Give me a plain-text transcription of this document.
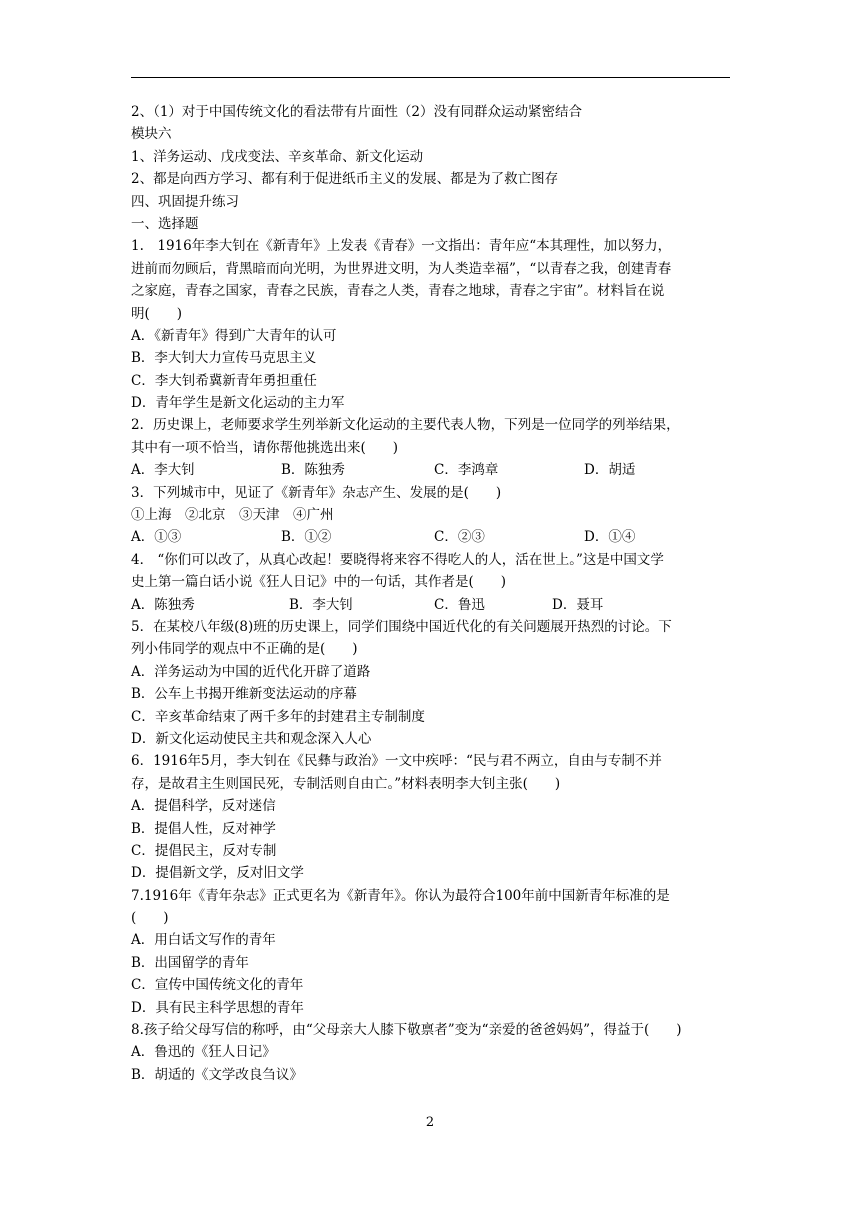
2、（1）对于中国传统文化的看法带有片面性（2）没有同群众运动紧密结合
模块六
1、洋务运动、戊戌变法、辛亥革命、新文化运动
2、都是向西方学习、都有利于促进纸币主义的发展、都是为了救亡图存
四、巩固提升练习
一、选择题
1.　1916年李大钊在《新青年》上发表《青春》一文指出：青年应“本其理性，加以努力，
进前而勿顾后，背黑暗而向光明，为世界进文明，为人类造幸福”，“以青春之我，创建青春
之家庭，青春之国家，青春之民族，青春之人类，青春之地球，青春之宇宙”。材料旨在说
明(　　)
A．《新青年》得到广大青年的认可
B．李大钊大力宣传马克思主义
C．李大钊希冀新青年勇担重任
D．青年学生是新文化运动的主力军
2．历史课上，老师要求学生列举新文化运动的主要代表人物，下列是一位同学的列举结果，
其中有一项不恰当，请你帮他挑选出来(　　)
A．李大钊	B．陈独秀	C．李鸿章	D．胡适
3．下列城市中，见证了《新青年》杂志产生、发展的是(　　)
①上海　②北京　③天津　④广州
A．①③	B．①②	C．②③	D．①④
4． “你们可以改了，从真心改起！要晓得将来容不得吃人的人，活在世上。”这是中国文学
史上第一篇白话小说《狂人日记》中的一句话，其作者是(　　)
A．陈独秀	B．李大钊	C．鲁迅	D．聂耳
5．在某校八年级(8)班的历史课上，同学们围绕中国近代化的有关问题展开热烈的讨论。下
列小伟同学的观点中不正确的是(　　)
A．洋务运动为中国的近代化开辟了道路
B．公车上书揭开维新变法运动的序幕
C．辛亥革命结束了两千多年的封建君主专制制度
D．新文化运动使民主共和观念深入人心
6．1916年5月，李大钊在《民彝与政治》一文中疾呼：“民与君不两立，自由与专制不并
存，是故君主生则国民死，专制活则自由亡。”材料表明李大钊主张(　　)
A．提倡科学，反对迷信
B．提倡人性，反对神学
C．提倡民主，反对专制
D．提倡新文学，反对旧文学
7.1916年《青年杂志》正式更名为《新青年》。你认为最符合100年前中国新青年标准的是
(　　)
A．用白话文写作的青年
B．出国留学的青年
C．宣传中国传统文化的青年
D．具有民主科学思想的青年
8.孩子给父母写信的称呼，由“父母亲大人膝下敬禀者”变为“亲爱的爸爸妈妈”，得益于(　　)
A．鲁迅的《狂人日记》
B．胡适的《文学改良刍议》
2
